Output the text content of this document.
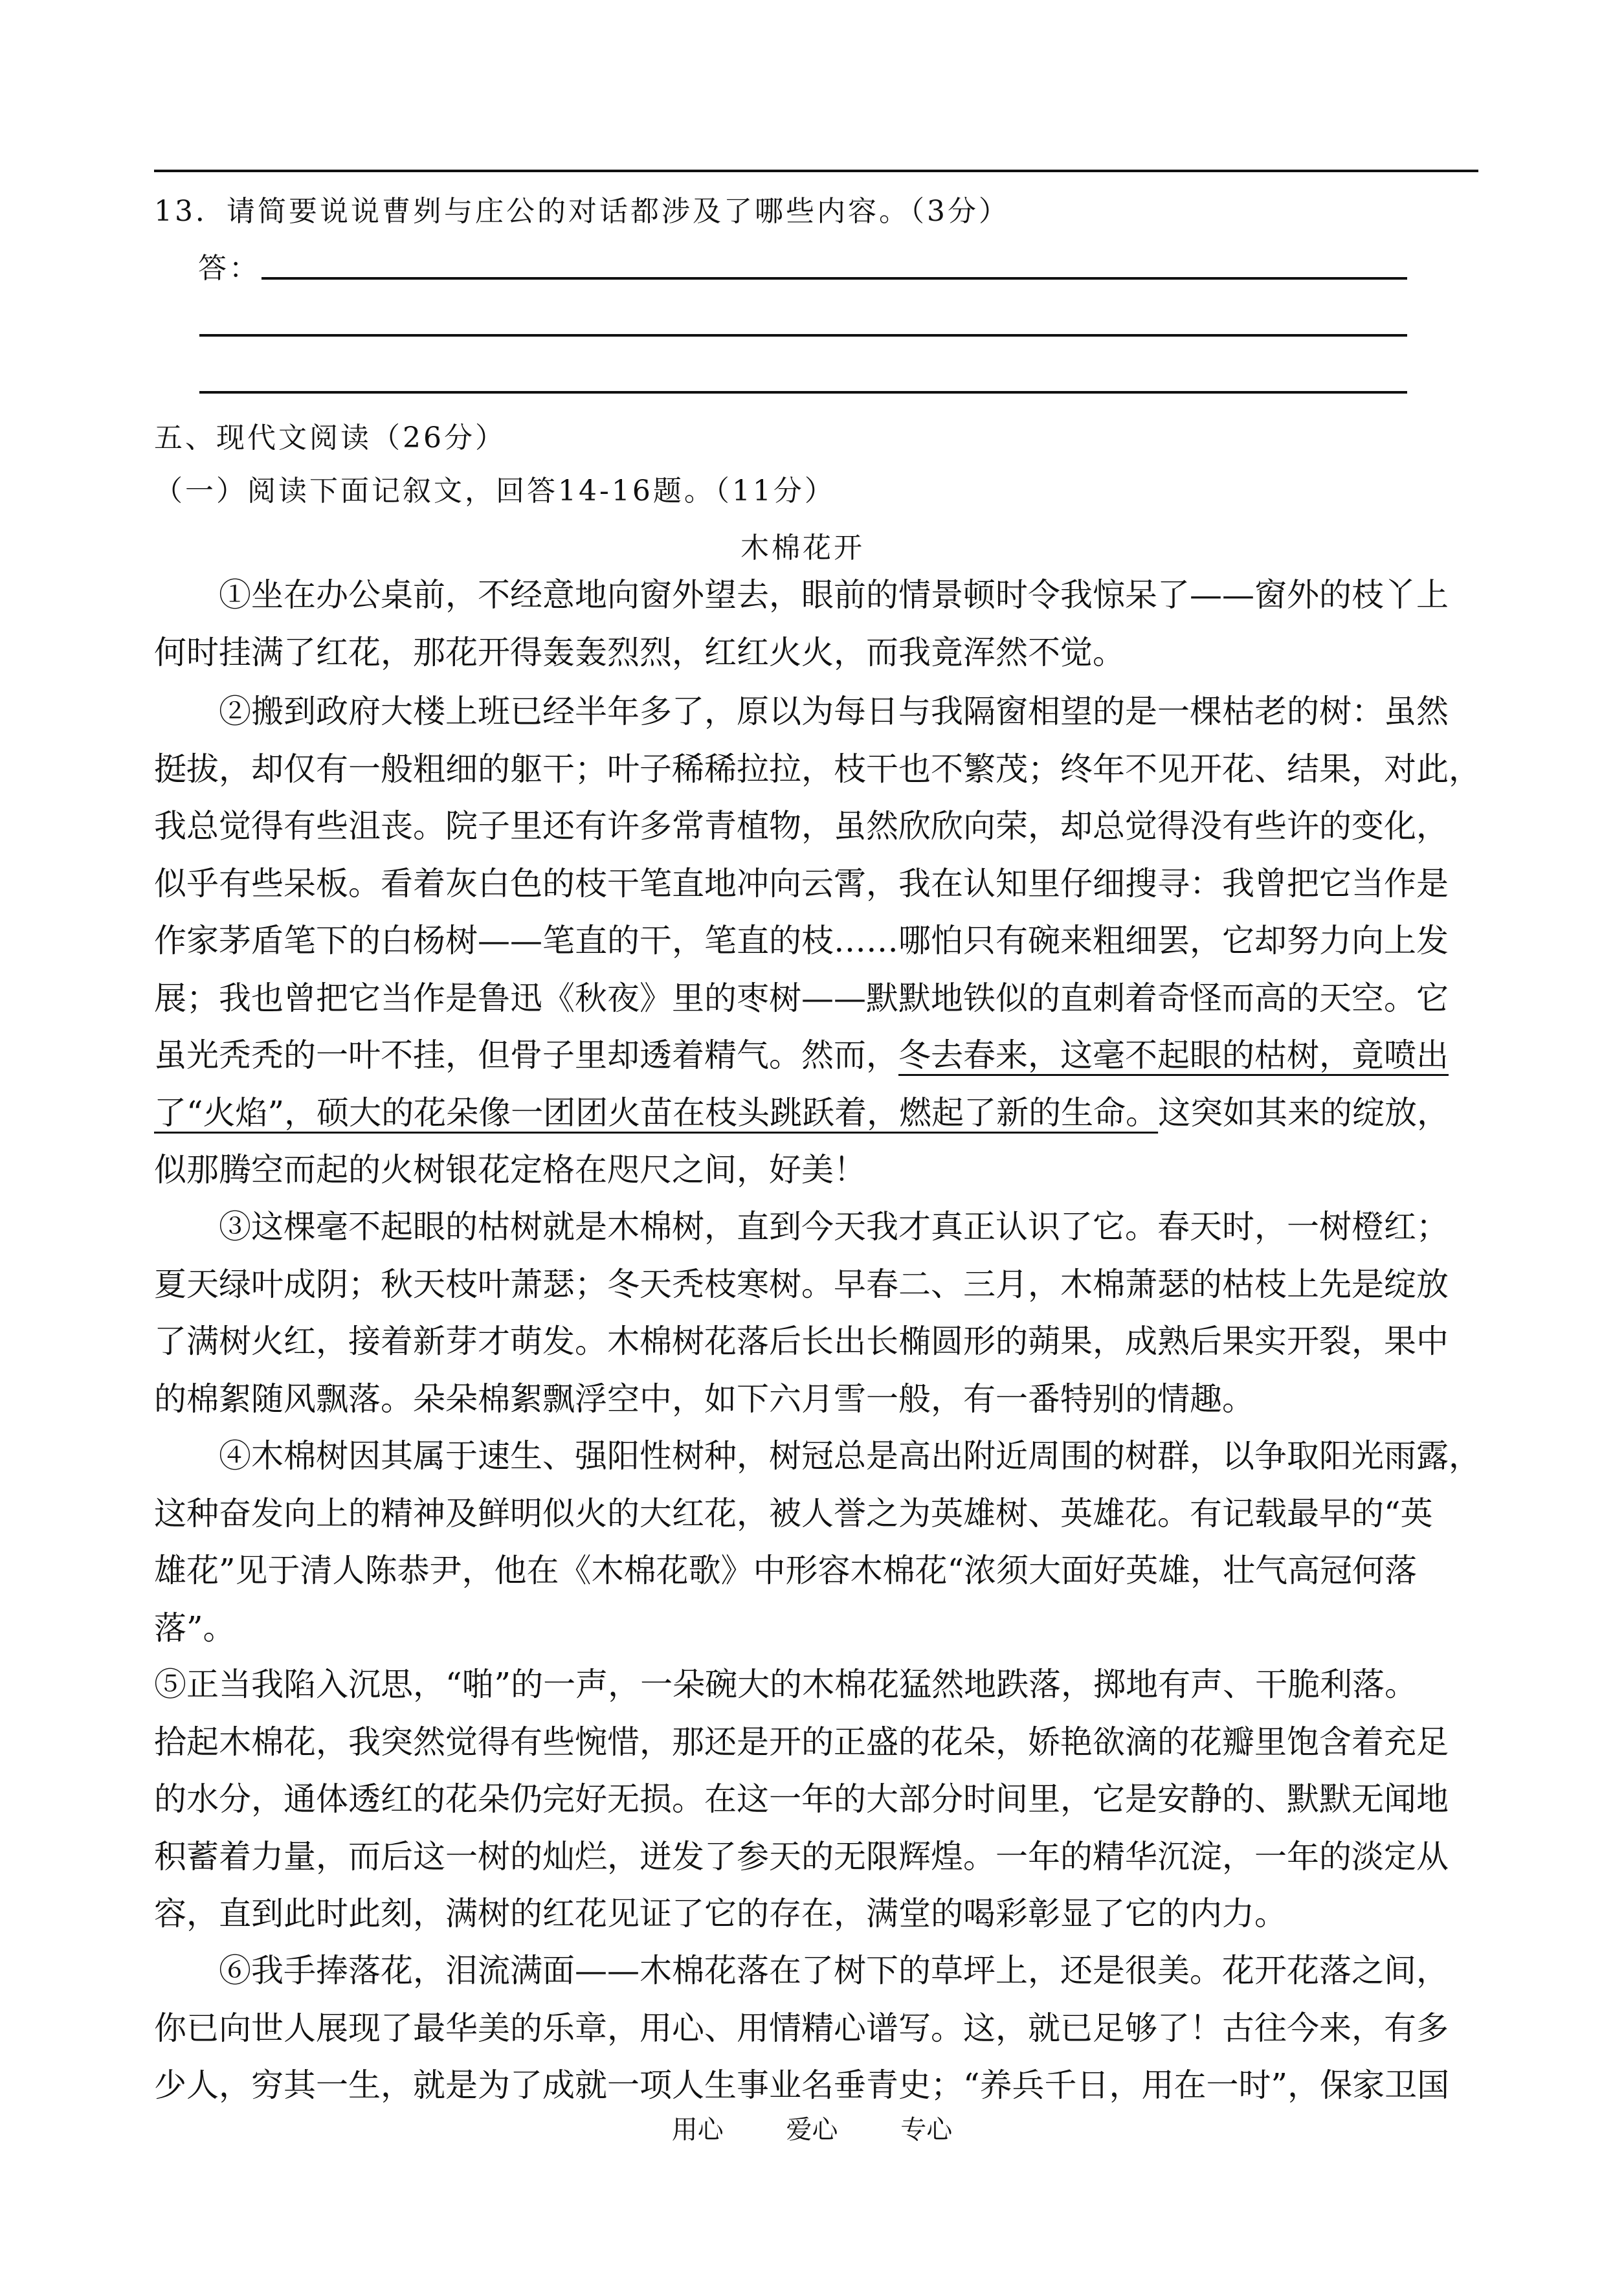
13．请简要说说曹刿与庄公的对话都涉及了哪些内容。（3分）
答：
五、现代文阅读（26分）
（一）阅读下面记叙文，回答14-16题。（11分）
木棉花开
①坐在办公桌前，不经意地向窗外望去，眼前的情景顿时令我惊呆了——窗外的枝丫上
何时挂满了红花，那花开得轰轰烈烈，红红火火，而我竟浑然不觉。
②搬到政府大楼上班已经半年多了，原以为每日与我隔窗相望的是一棵枯老的树：虽然
挺拔，却仅有一般粗细的躯干；叶子稀稀拉拉，枝干也不繁茂；终年不见开花、结果，对此，
我总觉得有些沮丧。院子里还有许多常青植物，虽然欣欣向荣，却总觉得没有些许的变化，
似乎有些呆板。看着灰白色的枝干笔直地冲向云霄，我在认知里仔细搜寻：我曾把它当作是
作家茅盾笔下的白杨树——笔直的干，笔直的枝……哪怕只有碗来粗细罢，它却努力向上发
展；我也曾把它当作是鲁迅《秋夜》里的枣树——默默地铁似的直刺着奇怪而高的天空。它
虽光秃秃的一叶不挂，但骨子里却透着精气。然而，冬去春来，这毫不起眼的枯树，竟喷出
了“火焰”，硕大的花朵像一团团火苗在枝头跳跃着，燃起了新的生命。这突如其来的绽放，
似那腾空而起的火树银花定格在咫尺之间，好美！
③这棵毫不起眼的枯树就是木棉树，直到今天我才真正认识了它。春天时，一树橙红；
夏天绿叶成阴；秋天枝叶萧瑟；冬天秃枝寒树。早春二、三月，木棉萧瑟的枯枝上先是绽放
了满树火红，接着新芽才萌发。木棉树花落后长出长椭圆形的蒴果，成熟后果实开裂，果中
的棉絮随风飘落。朵朵棉絮飘浮空中，如下六月雪一般，有一番特别的情趣。
④木棉树因其属于速生、强阳性树种，树冠总是高出附近周围的树群，以争取阳光雨露，
这种奋发向上的精神及鲜明似火的大红花，被人誉之为英雄树、英雄花。有记载最早的“英
雄花”见于清人陈恭尹，他在《木棉花歌》中形容木棉花“浓须大面好英雄，壮气高冠何落
落”。
⑤正当我陷入沉思，“啪”的一声，一朵碗大的木棉花猛然地跌落，掷地有声、干脆利落。
拾起木棉花，我突然觉得有些惋惜，那还是开的正盛的花朵，娇艳欲滴的花瓣里饱含着充足
的水分，通体透红的花朵仍完好无损。在这一年的大部分时间里，它是安静的、默默无闻地
积蓄着力量，而后这一树的灿烂，迸发了参天的无限辉煌。一年的精华沉淀，一年的淡定从
容，直到此时此刻，满树的红花见证了它的存在，满堂的喝彩彰显了它的内力。
⑥我手捧落花，泪流满面——木棉花落在了树下的草坪上，还是很美。花开花落之间，
你已向世人展现了最华美的乐章，用心、用情精心谱写。这，就已足够了！古往今来，有多
少人，穷其一生，就是为了成就一项人生事业名垂青史；“养兵千日，用在一时”，保家卫国
用心 爱心 专心
